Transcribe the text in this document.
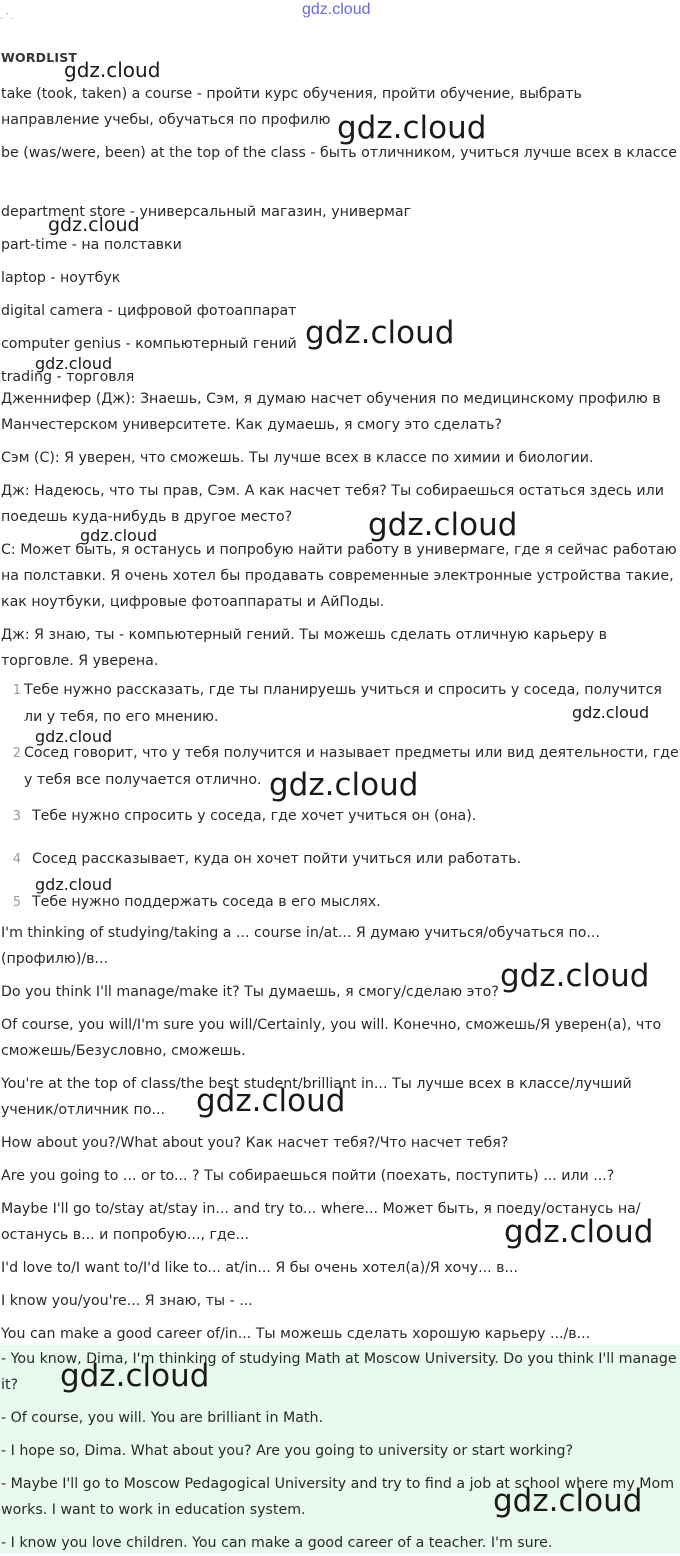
. ' .	gdz.cloud
WORDLIST
take (took, taken) a course - пройти курс обучения, пройти обучение, выбрать направление учебы, обучаться по профилю
be (was/were, been) at the top of the class - быть отличником, учиться лучше всех в классе
department store - универсальный магазин, универмаг
part-time - на полставки
laptop - ноутбук
digital camera - цифровой фотоаппарат
computer genius - компьютерный гений
trading - торговля
Дженнифер (Дж): Знаешь, Сэм, я думаю насчет обучения по медицинскому профилю в Манчестерском университете. Как думаешь, я смогу это сделать?
Сэм (С): Я уверен, что сможешь. Ты лучше всех в классе по химии и биологии.
Дж: Надеюсь, что ты прав, Сэм. А как насчет тебя? Ты собираешься остаться здесь или поедешь куда-нибудь в другое место?
С: Может быть, я останусь и попробую найти работу в универмаге, где я сейчас работаю на полставки. Я очень хотел бы продавать современные электронные устройства такие, как ноутбуки, цифровые фотоаппараты и АйПоды.
Дж: Я знаю, ты - компьютерный гений. Ты можешь сделать отличную карьеру в торговле. Я уверена.
1 Тебе нужно рассказать, где ты планируешь учиться и спросить у соседа, получится ли у тебя, по его мнению.
2 Сосед говорит, что у тебя получится и называет предметы или вид деятельности, где у тебя все получается отлично.
3 Тебе нужно спросить у соседа, где хочет учиться он (она).
4 Сосед рассказывает, куда он хочет пойти учиться или работать.
5 Тебе нужно поддержать соседа в его мыслях.
I'm thinking of studying/taking a ... course in/at... Я думаю учиться/обучаться по... (профилю)/в...
Do you think I'll manage/make it? Ты думаешь, я смогу/сделаю это?
Of course, you will/I'm sure you will/Certainly, you will. Конечно, сможешь/Я уверен(а), что сможешь/Безусловно, сможешь.
You're at the top of class/the best student/brilliant in... Ты лучше всех в классе/лучший ученик/отличник по...
How about you?/What about you? Как насчет тебя?/Что насчет тебя?
Are you going to ... or to... ? Ты собираешься пойти (поехать, поступить) ... или ...?
Maybe I'll go to/stay at/stay in... and try to... where... Может быть, я поеду/останусь на/останусь в... и попробую..., где...
I'd love to/I want to/I'd like to... at/in... Я бы очень хотел(а)/Я хочу... в...
I know you/you're... Я знаю, ты - ...
You can make a good career of/in... Ты можешь сделать хорошую карьеру .../в...
- You know, Dima, I'm thinking of studying Math at Moscow University. Do you think I'll manage it?
- Of course, you will. You are brilliant in Math.
- I hope so, Dima. What about you? Are you going to university or start working?
- Maybe I'll go to Moscow Pedagogical University and try to find a job at school where my Mom works. I want to work in education system.
- I know you love children. You can make a good career of a teacher. I'm sure.
gdz.cloud
gdz.cloud
gdz.cloud
gdz.cloud
gdz.cloud
gdz.cloud
gdz.cloud
gdz.cloud
gdz.cloud
gdz.cloud
gdz.cloud
gdz.cloud
gdz.cloud
gdz.cloud
gdz.cloud
gdz.cloud
